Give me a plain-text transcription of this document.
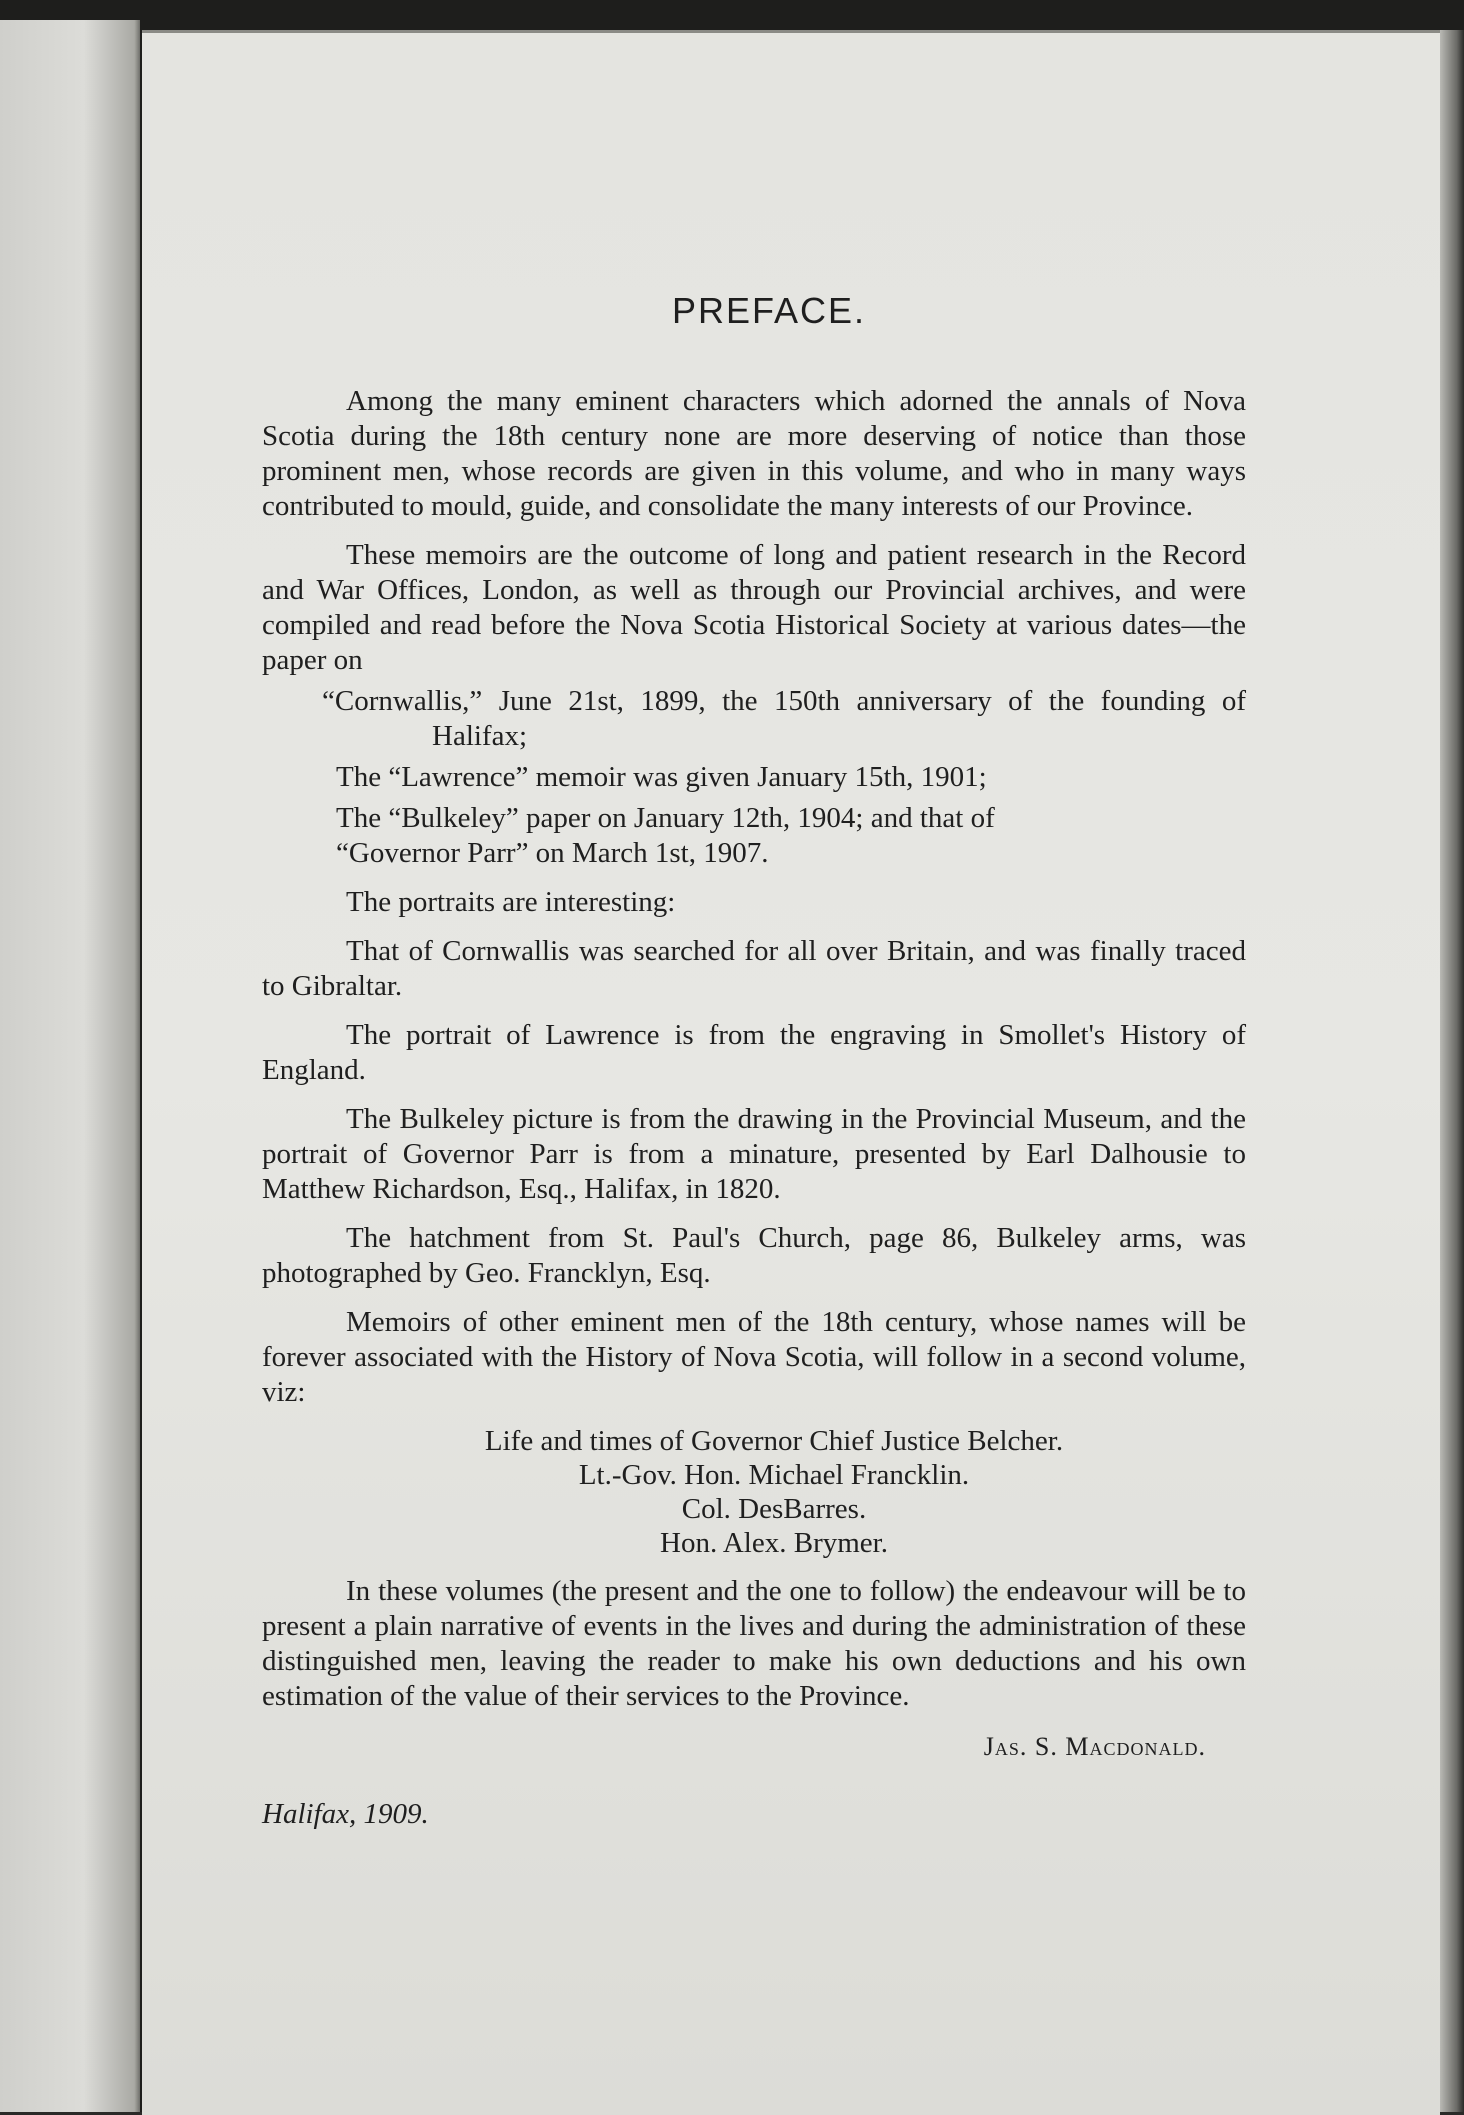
PREFACE.

Among the many eminent characters which adorned the annals of Nova Scotia during the 18th century none are more deserving of notice than those prominent men, whose records are given in this volume, and who in many ways contributed to mould, guide, and consolidate the many interests of our Province.

These memoirs are the outcome of long and patient research in the Record and War Offices, London, as well as through our Provincial archives, and were compiled and read before the Nova Scotia Historical Society at various dates—the paper on

“Cornwallis,” June 21st, 1899, the 150th anniversary of the founding of Halifax;

The “Lawrence” memoir was given January 15th, 1901;

The “Bulkeley” paper on January 12th, 1904; and that of

“Governor Parr” on March 1st, 1907.

The portraits are interesting:

That of Cornwallis was searched for all over Britain, and was finally traced to Gibraltar.

The portrait of Lawrence is from the engraving in Smollet's History of England.

The Bulkeley picture is from the drawing in the Provincial Museum, and the portrait of Governor Parr is from a minature, presented by Earl Dalhousie to Matthew Richardson, Esq., Halifax, in 1820.

The hatchment from St. Paul's Church, page 86, Bulkeley arms, was photographed by Geo. Francklyn, Esq.

Memoirs of other eminent men of the 18th century, whose names will be forever associated with the History of Nova Scotia, will follow in a second volume, viz:

Life and times of Governor Chief Justice Belcher.
Lt.-Gov. Hon. Michael Francklin.
Col. DesBarres.
Hon. Alex. Brymer.

In these volumes (the present and the one to follow) the endeavour will be to present a plain narrative of events in the lives and during the administration of these distinguished men, leaving the reader to make his own deductions and his own estimation of the value of their services to the Province.

Jas. S. Macdonald.
Halifax, 1909.
